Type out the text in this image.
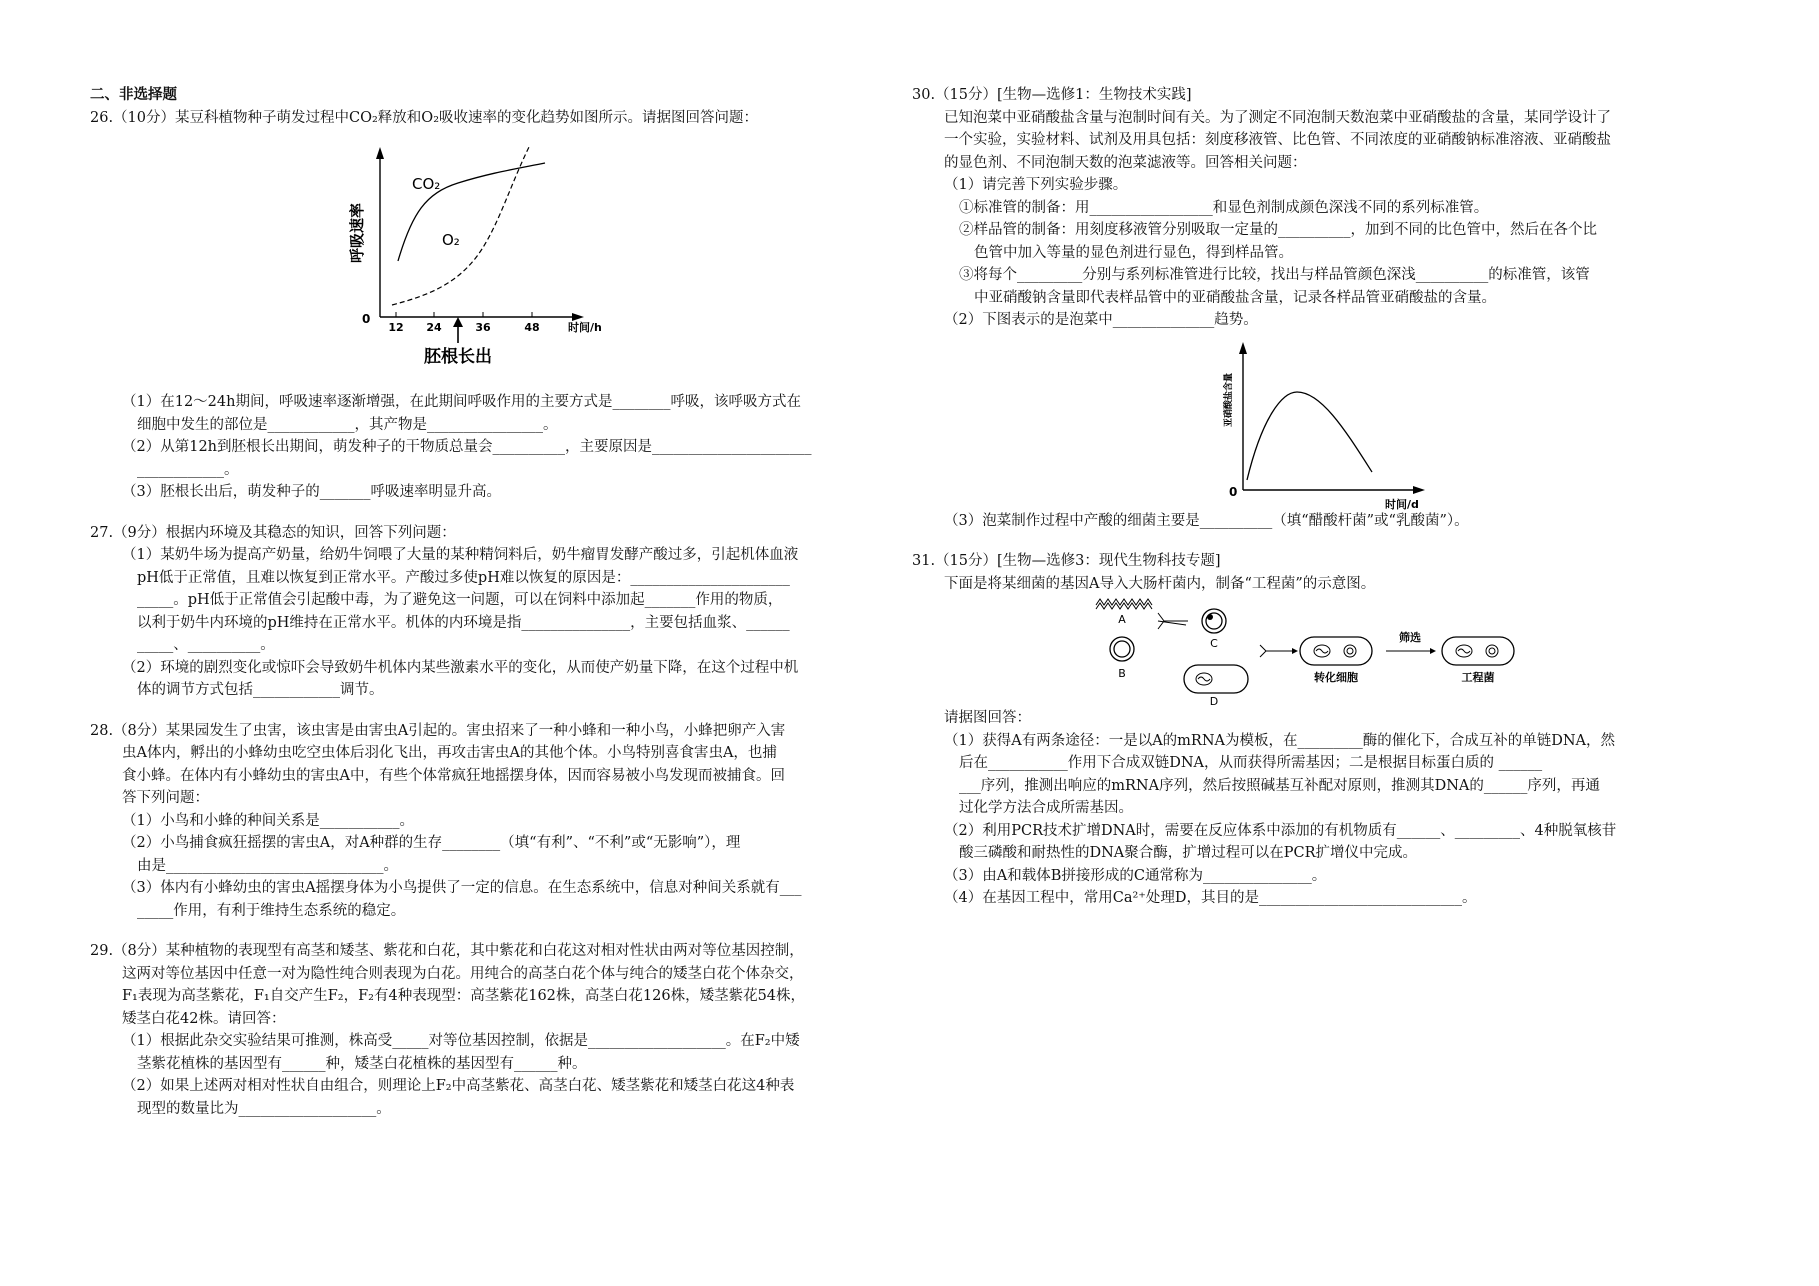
二、非选择题
26.（10分）某豆科植物种子萌发过程中CO₂释放和O₂吸收速率的变化趋势如图所示。请据图回答问题：
呼吸速率
0
12 24	36	48	时间/h
CO₂
O₂
胚根长出
（1）在12～24h期间，呼吸速率逐渐增强，在此期间呼吸作用的主要方式是________呼吸，该呼吸方式在
细胞中发生的部位是____________，其产物是________________。
（2）从第12h到胚根长出期间，萌发种子的干物质总量会__________，主要原因是______________________
____________。
（3）胚根长出后，萌发种子的_______呼吸速率明显升高。
27.（9分）根据内环境及其稳态的知识，回答下列问题：
（1）某奶牛场为提高产奶量，给奶牛饲喂了大量的某种精饲料后，奶牛瘤胃发酵产酸过多，引起机体血液
pH低于正常值，且难以恢复到正常水平。产酸过多使pH难以恢复的原因是：______________________
_____。pH低于正常值会引起酸中毒，为了避免这一问题，可以在饲料中添加起_______作用的物质，
以利于奶牛内环境的pH维持在正常水平。机体的内环境是指_______________，主要包括血浆、______
_____、__________。
（2）环境的剧烈变化或惊吓会导致奶牛机体内某些激素水平的变化，从而使产奶量下降，在这个过程中机
体的调节方式包括____________调节。
28.（8分）某果园发生了虫害，该虫害是由害虫A引起的。害虫招来了一种小蜂和一种小鸟，小蜂把卵产入害
虫A体内，孵出的小蜂幼虫吃空虫体后羽化飞出，再攻击害虫A的其他个体。小鸟特别喜食害虫A，也捕
食小蜂。在体内有小蜂幼虫的害虫A中，有些个体常疯狂地摇摆身体，因而容易被小鸟发现而被捕食。回
答下列问题：
（1）小鸟和小蜂的种间关系是___________。
（2）小鸟捕食疯狂摇摆的害虫A，对A种群的生存________（填“有利”、“不利”或“无影响”），理
由是______________________________。
（3）体内有小蜂幼虫的害虫A摇摆身体为小鸟提供了一定的信息。在生态系统中，信息对种间关系就有___
_____作用，有利于维持生态系统的稳定。
29.（8分）某种植物的表现型有高茎和矮茎、紫花和白花，其中紫花和白花这对相对性状由两对等位基因控制，
这两对等位基因中任意一对为隐性纯合则表现为白花。用纯合的高茎白花个体与纯合的矮茎白花个体杂交，
F₁表现为高茎紫花，F₁自交产生F₂，F₂有4种表现型：高茎紫花162株，高茎白花126株，矮茎紫花54株，
矮茎白花42株。请回答：
（1）根据此杂交实验结果可推测，株高受_____对等位基因控制，依据是___________________。在F₂中矮
茎紫花植株的基因型有______种，矮茎白花植株的基因型有______种。
（2）如果上述两对相对性状自由组合，则理论上F₂中高茎紫花、高茎白花、矮茎紫花和矮茎白花这4种表
现型的数量比为___________________。
30.（15分）[生物—选修1：生物技术实践]
已知泡菜中亚硝酸盐含量与泡制时间有关。为了测定不同泡制天数泡菜中亚硝酸盐的含量，某同学设计了
一个实验，实验材料、试剂及用具包括：刻度移液管、比色管、不同浓度的亚硝酸钠标准溶液、亚硝酸盐
的显色剂、不同泡制天数的泡菜滤液等。回答相关问题：
（1）请完善下列实验步骤。
①标准管的制备：用_________________和显色剂制成颜色深浅不同的系列标准管。
②样品管的制备：用刻度移液管分别吸取一定量的__________，加到不同的比色管中，然后在各个比
色管中加入等量的显色剂进行显色，得到样品管。
③将每个_________分别与系列标准管进行比较，找出与样品管颜色深浅__________的标准管，该管
中亚硝酸钠含量即代表样品管中的亚硝酸盐含量，记录各样品管亚硝酸盐的含量。
（2）下图表示的是泡菜中______________趋势。
亚硝酸盐含量
0
时间/d
（3）泡菜制作过程中产酸的细菌主要是__________（填“醋酸杆菌”或“乳酸菌”）。
31.（15分）[生物—选修3：现代生物科技专题]
下面是将某细菌的基因A导入大肠杆菌内，制备“工程菌”的示意图。
A
B
C
D
转化细胞
筛选
工程菌
请据图回答：
（1）获得A有两条途径：一是以A的mRNA为模板，在_________酶的催化下，合成互补的单链DNA，然
后在___________作用下合成双链DNA，从而获得所需基因；二是根据目标蛋白质的 ______
___序列，推测出响应的mRNA序列，然后按照碱基互补配对原则，推测其DNA的______序列，再通
过化学方法合成所需基因。
（2）利用PCR技术扩增DNA时，需要在反应体系中添加的有机物质有______、_________、4种脱氧核苷
酸三磷酸和耐热性的DNA聚合酶，扩增过程可以在PCR扩增仪中完成。
（3）由A和载体B拼接形成的C通常称为_______________。
（4）在基因工程中，常用Ca²⁺处理D，其目的是____________________________。
